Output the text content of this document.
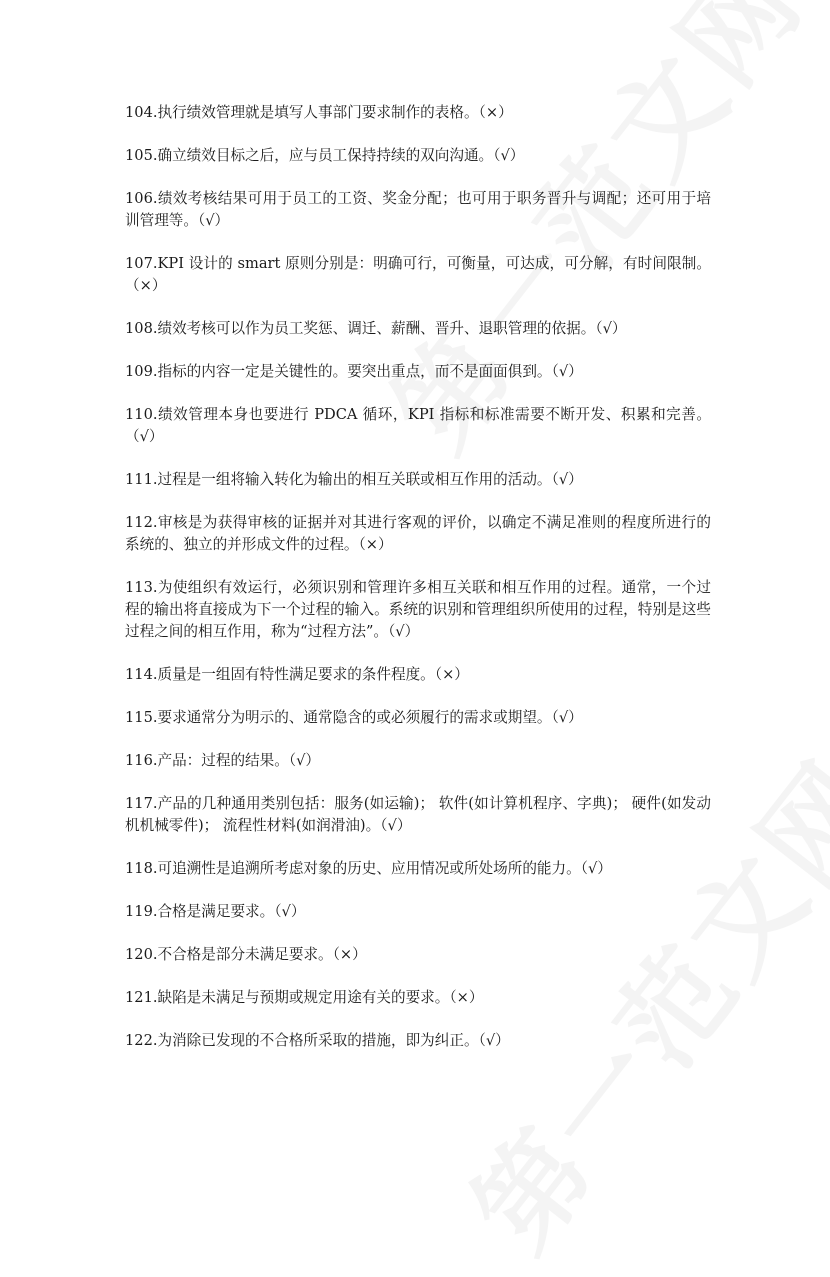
104.执行绩效管理就是填写人事部门要求制作的表格。（×）

105.确立绩效目标之后，应与员工保持持续的双向沟通。（√）

106.绩效考核结果可用于员工的工资、奖金分配；也可用于职务晋升与调配；还可用于培训管理等。（√）

107.KPI 设计的 smart 原则分别是：明确可行，可衡量，可达成，可分解，有时间限制。（×）

108.绩效考核可以作为员工奖惩、调迁、薪酬、晋升、退职管理的依据。（√）

109.指标的内容一定是关键性的。要突出重点，而不是面面俱到。（√）

110.绩效管理本身也要进行 PDCA 循环，KPI 指标和标准需要不断开发、积累和完善。（√）

111.过程是一组将输入转化为输出的相互关联或相互作用的活动。（√）

112.审核是为获得审核的证据并对其进行客观的评价，以确定不满足准则的程度所进行的系统的、独立的并形成文件的过程。（×）

113.为使组织有效运行，必须识别和管理许多相互关联和相互作用的过程。通常，一个过程的输出将直接成为下一个过程的输入。系统的识别和管理组织所使用的过程，特别是这些过程之间的相互作用，称为“过程方法”。（√）

114.质量是一组固有特性满足要求的条件程度。（×）

115.要求通常分为明示的、通常隐含的或必须履行的需求或期望。（√）

116.产品：过程的结果。（√）

117.产品的几种通用类别包括：服务(如运输)； 软件(如计算机程序、字典)； 硬件(如发动机机械零件)； 流程性材料(如润滑油)。（√）

118.可追溯性是追溯所考虑对象的历史、应用情况或所处场所的能力。（√）

119.合格是满足要求。（√）

120.不合格是部分未满足要求。（×）

121.缺陷是未满足与预期或规定用途有关的要求。（×）

122.为消除已发现的不合格所采取的措施，即为纠正。（√）
